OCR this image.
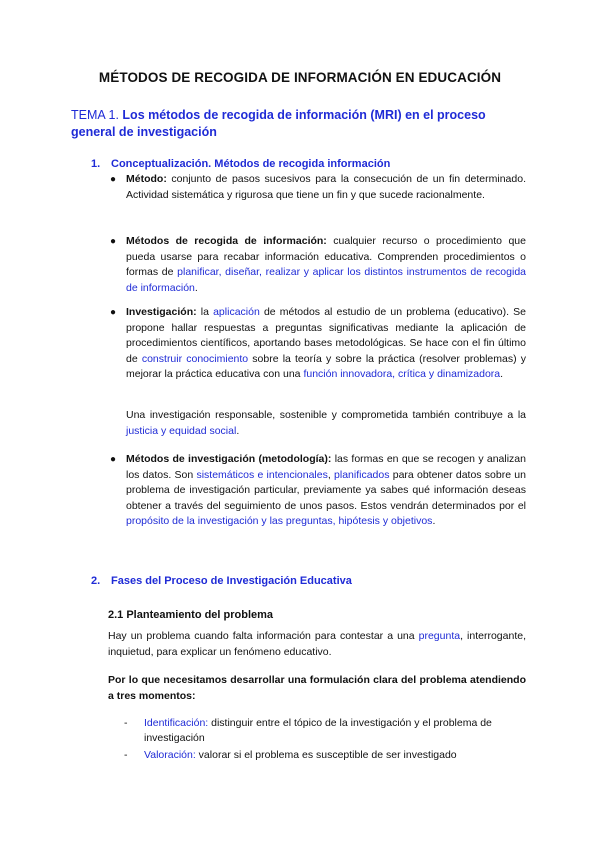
MÉTODOS DE RECOGIDA DE INFORMACIÓN EN EDUCACIÓN
TEMA 1. Los métodos de recogida de información (MRI) en el proceso general de investigación
1. Conceptualización. Métodos de recogida información
● Método: conjunto de pasos sucesivos para la consecución de un fin determinado. Actividad sistemática y rigurosa que tiene un fin y que sucede racionalmente.
● Métodos de recogida de información: cualquier recurso o procedimiento que pueda usarse para recabar información educativa. Comprenden procedimientos o formas de planificar, diseñar, realizar y aplicar los distintos instrumentos de recogida de información.
● Investigación: la aplicación de métodos al estudio de un problema (educativo). Se propone hallar respuestas a preguntas significativas mediante la aplicación de procedimientos científicos, aportando bases metodológicas. Se hace con el fin último de construir conocimiento sobre la teoría y sobre la práctica (resolver problemas) y mejorar la práctica educativa con una función innovadora, crítica y dinamizadora.
Una investigación responsable, sostenible y comprometida también contribuye a la justicia y equidad social.
● Métodos de investigación (metodología): las formas en que se recogen y analizan los datos. Son sistemáticos e intencionales, planificados para obtener datos sobre un problema de investigación particular, previamente ya sabes qué información deseas obtener a través del seguimiento de unos pasos. Estos vendrán determinados por el propósito de la investigación y las preguntas, hipótesis y objetivos.
2. Fases del Proceso de Investigación Educativa
2.1 Planteamiento del problema
Hay un problema cuando falta información para contestar a una pregunta, interrogante, inquietud, para explicar un fenómeno educativo.
Por lo que necesitamos desarrollar una formulación clara del problema atendiendo a tres momentos:
- Identificación: distinguir entre el tópico de la investigación y el problema de investigación
- Valoración: valorar si el problema es susceptible de ser investigado
